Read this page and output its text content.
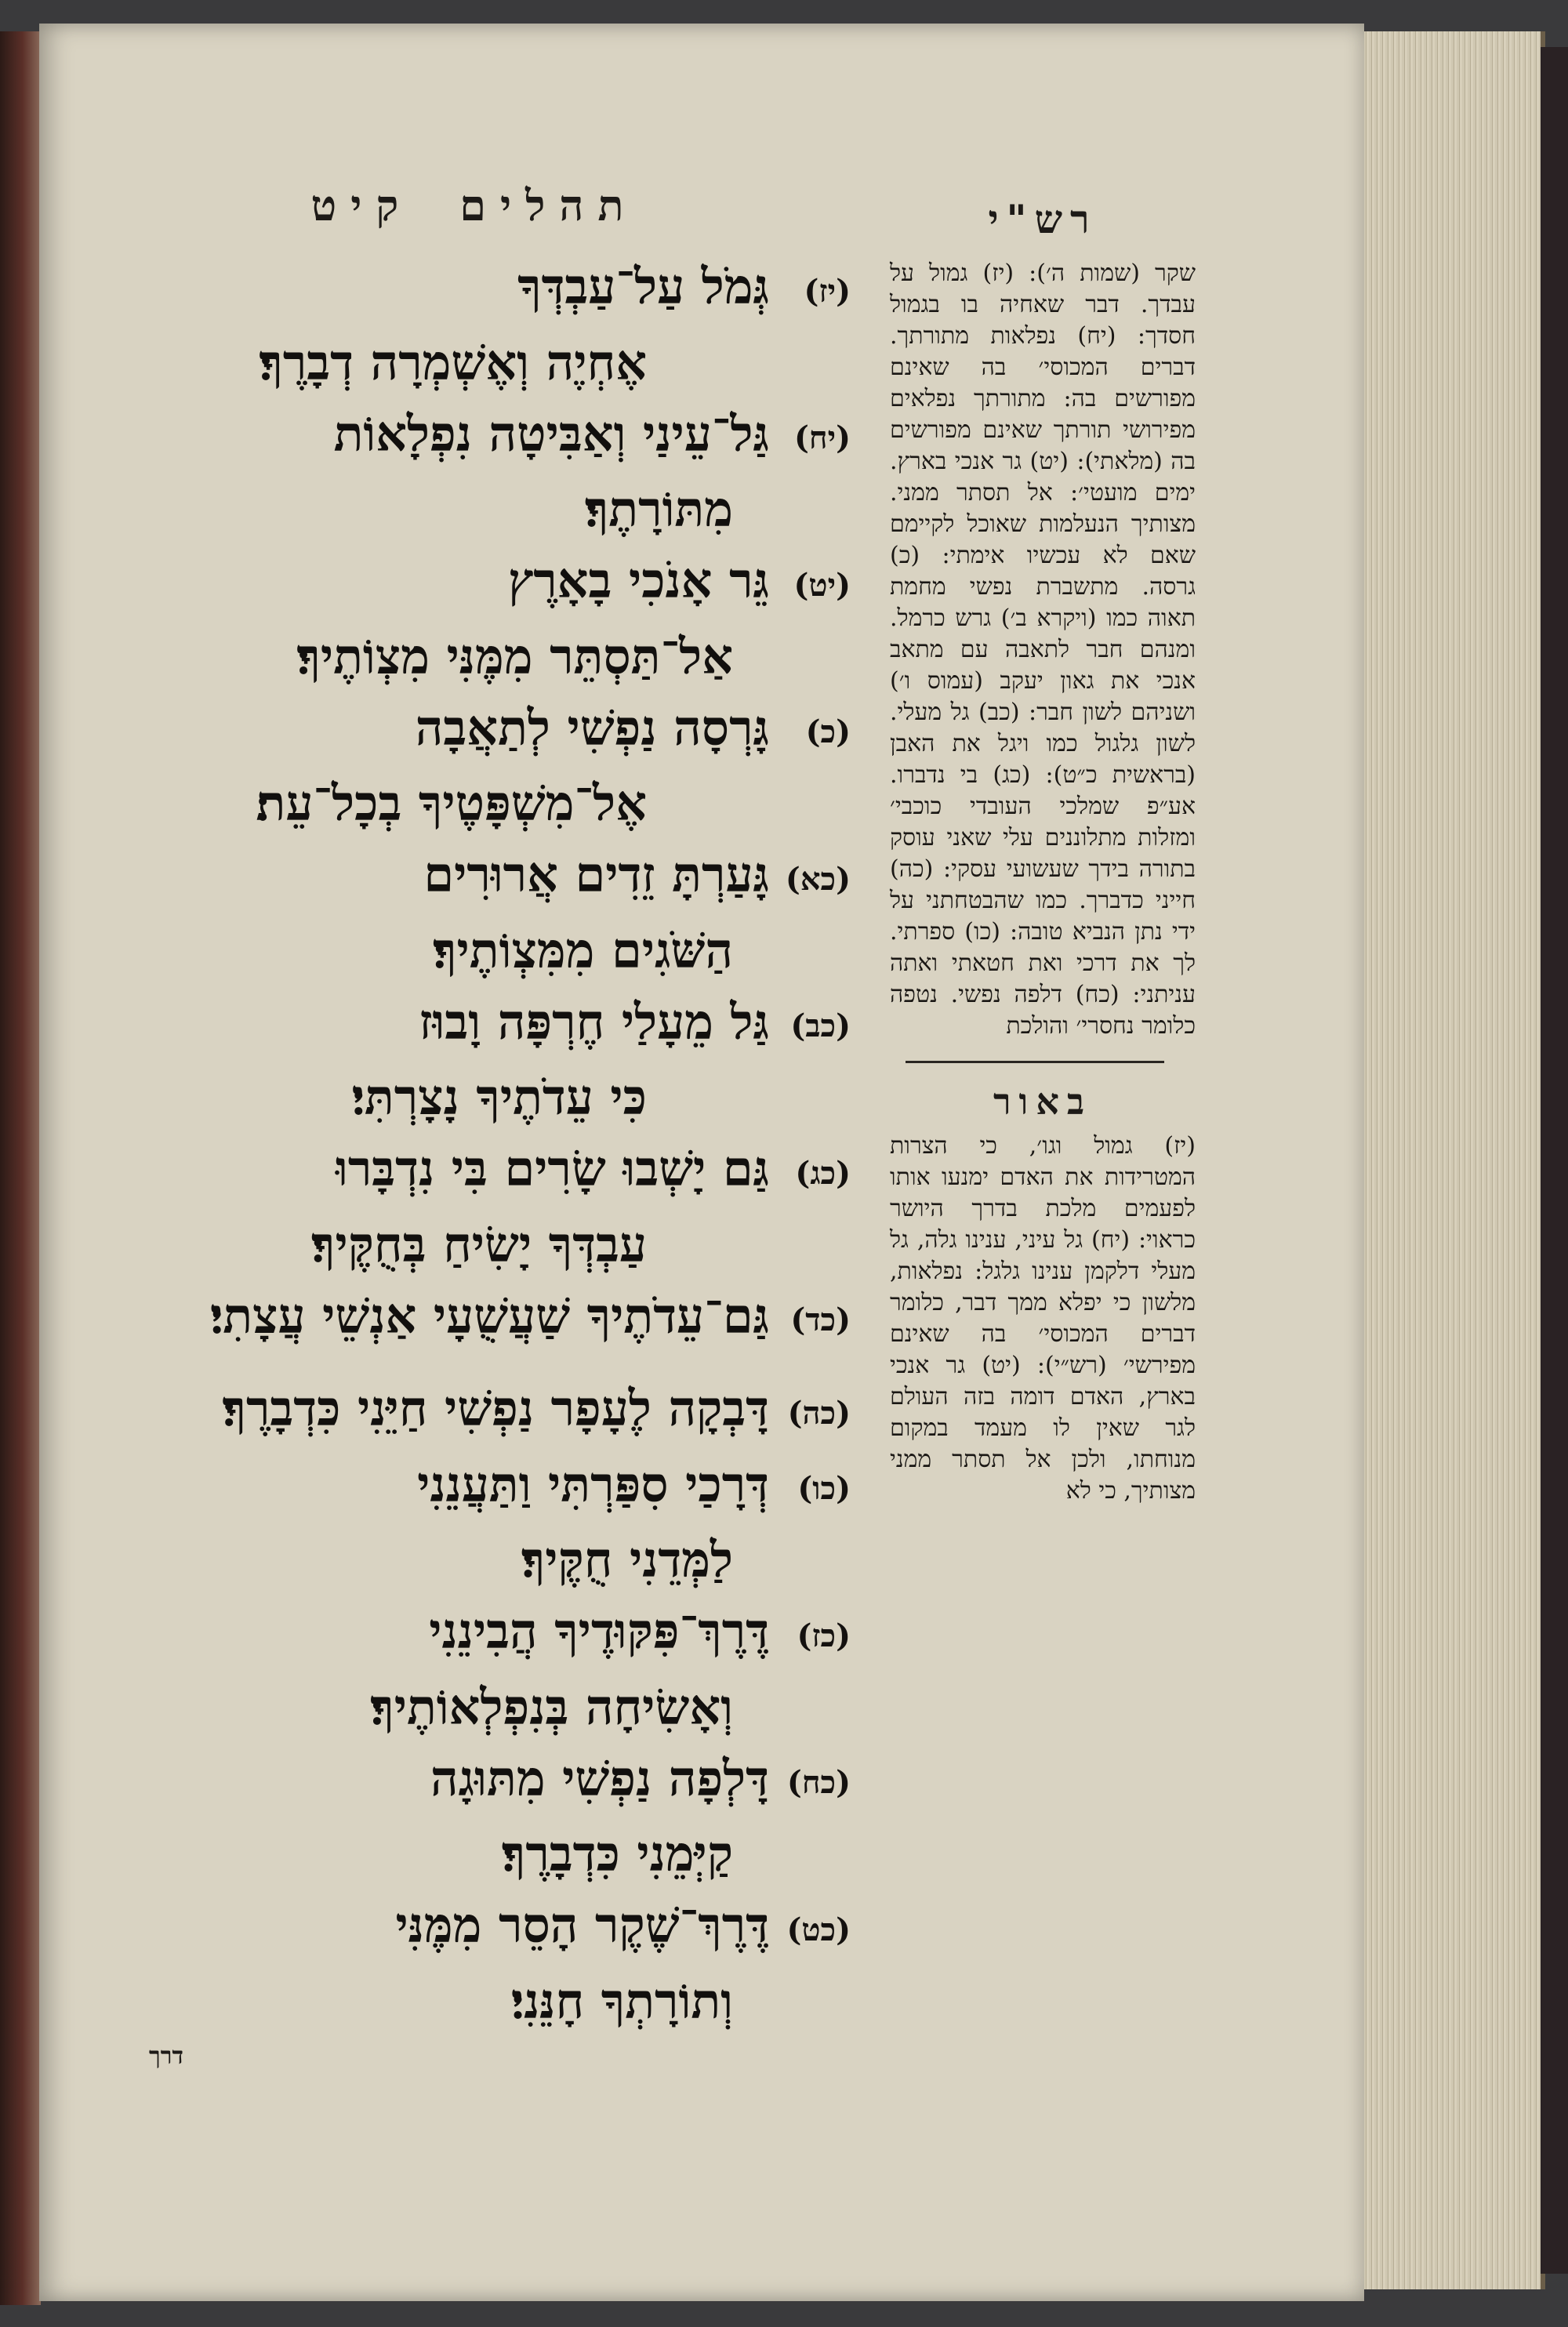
תהליםקיט
(יז)גְּמֹל עַל־עַבְדְּךָ
אֶחְיֶה וְאֶשְׁמְרָה דְבָרֶךָ׃
(יח)גַּל־עֵינַי וְאַבִּיטָה נִפְלָאוֹת
מִתּוֹרָתֶךָ׃
(יט)גֵּר אָנֹכִי בָאָרֶץ
אַל־תַּסְתֵּר מִמֶּנִּי מִצְוֹתֶיךָ׃
(כ)גָּרְסָה נַפְשִׁי לְתַאֲבָה
אֶל־מִשְׁפָּטֶיךָ בְכָל־עֵת׃
(כא)גָּעַרְתָּ זֵדִים אֲרוּרִים
הַשֹּׁגִים מִמִּצְוֹתֶיךָ׃
(כב)גַּל מֵעָלַי חֶרְפָּה וָבוּז
כִּי עֵדֹתֶיךָ נָצָרְתִּי׃
(כג)גַּם יָשְׁבוּ שָׂרִים בִּי נִדְבָּרוּ
עַבְדְּךָ יָשִׂיחַ בְּחֻקֶּיךָ׃
(כד)גַּם־עֵדֹתֶיךָ שַׁעֲשֻׁעָי אַנְשֵׁי עֲצָתִי׃
(כה)דָּבְקָה לֶעָפָר נַפְשִׁי חַיֵּנִי כִּדְבָרֶךָ׃
(כו)דְּרָכַי סִפַּרְתִּי וַתַּעֲנֵנִי
לַמְּדֵנִי חֻקֶּיךָ׃
(כז)דֶּרֶךְ־פִּקּוּדֶיךָ הֲבִינֵנִי
וְאָשִׂיחָה בְּנִפְלְאוֹתֶיךָ׃
(כח)דָּלְפָה נַפְשִׁי מִתּוּגָה
קַיְּמֵנִי כִּדְבָרֶךָ׃
(כט)דֶּרֶךְ־שֶׁקֶר הָסֵר מִמֶּנִּי
וְתוֹרָתְךָ חָנֵּנִי׃
רש"י
שקר (שמות ה׳): (יז) גמול על עבדך. דבר שאחיה בו בגמול חסדך: (יח) נפלאות מתורתך. דברים המכוסי׳ בה שאינם מפורשים בה: מתורתך נפלאים מפירושי תורתך שאינם מפורשים בה (מלאתי): (יט) גר אנכי בארץ. ימים מועטי׳: אל תסתר ממני. מצותיך הנעלמות שאוכל לקיימם שאם לא עכשיו אימתי: (כ) גרסה. מתשברת נפשי מחמת תאוה כמו (ויקרא ב׳) גרש כרמל. ומנהם חבר לתאבה עם מתאב אנכי את גאון יעקב (עמוס ו׳) ושניהם לשון חבר: (כב) גל מעלי. לשון גלגול כמו ויגל את האבן (בראשית כ״ט): (כג) בי נדברו. אע״פ שמלכי העובדי כוכבי׳ ומזלות מתלוננים עלי שאני עוסק בתורה בידך שעשועי עסקי: (כה) חייני כדברך. כמו שהבטחתני על ידי נתן הנביא טובה: (כו) ספרתי. לך את דרכי ואת חטאתי ואתה עניתני: (כח) דלפה נפשי. נטפה כלומר נחסרי׳ והולכת
באור
(יז) גמול וגו׳, כי הצרות המטרידות את האדם ימנעו אותו לפעמים מלכת בדרך היושר כראוי: (יח) גל עיני, ענינו גלה, גל מעלי דלקמן ענינו גלגל: נפלאות, מלשון כי יפלא ממך דבר, כלומר דברים המכוסי׳ בה שאינם מפירשי׳ (רש״י): (יט) גר אנכי בארץ, האדם דומה בזה העולם לגר שאין לו מעמד במקום מנוחתו, ולכן אל תסתר ממני מצותיך, כי לא
דרך
